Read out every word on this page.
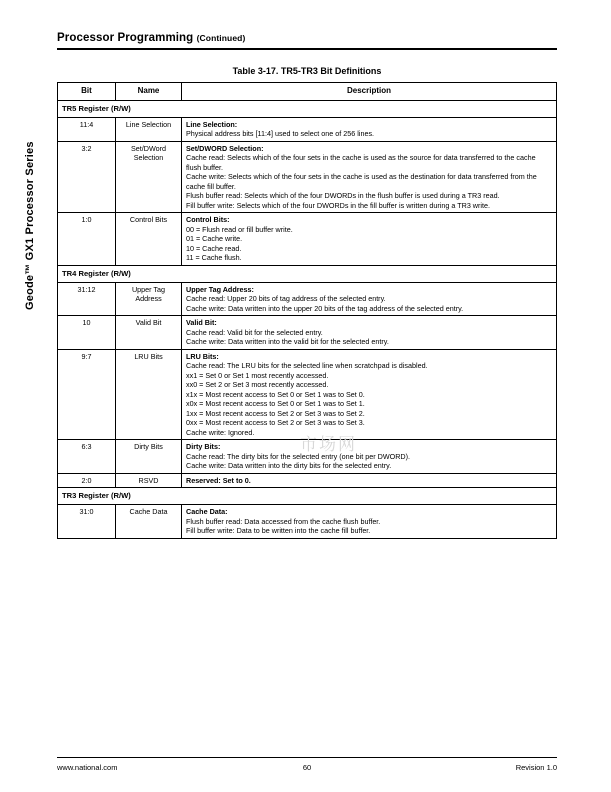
Geode™ GX1 Processor Series
Processor Programming (Continued)
Table 3-17. TR5-TR3 Bit Definitions
Bit	Name	Description
TR5 Register (R/W)		
11:4	Line Selection	Line Selection:
Physical address bits [11:4] used to select one of 256 lines.

3:2	Set/DWord Selection	Set/DWORD Selection:
Cache read: Selects which of the four sets in the cache is used as the source for data transferred to the cache flush buffer.
Cache write: Selects which of the four sets in the cache is used as the destination for data transferred from the cache fill buffer.
Flush buffer read: Selects which of the four DWORDs in the flush buffer is used during a TR3 read.
Fill buffer write: Selects which of the four DWORDs in the fill buffer is written during a TR3 write.

1:0	Control Bits	Control Bits:
00 = Flush read or fill buffer write.
01 = Cache write.
10 = Cache read.
11 = Cache flush.

TR4 Register (R/W)		
31:12	Upper Tag Address	Upper Tag Address:
Cache read: Upper 20 bits of tag address of the selected entry.
Cache write: Data written into the upper 20 bits of the tag address of the selected entry.

10	Valid Bit	Valid Bit:
Cache read: Valid bit for the selected entry.
Cache write: Data written into the valid bit for the selected entry.

9:7	LRU Bits	LRU Bits:
Cache read: The LRU bits for the selected line when scratchpad is disabled.
xx1 = Set 0 or Set 1 most recently accessed.
xx0 = Set 2 or Set 3 most recently accessed.
x1x = Most recent access to Set 0 or Set 1 was to Set 0.
x0x = Most recent access to Set 0 or Set 1 was to Set 1.
1xx = Most recent access to Set 2 or Set 3 was to Set 2.
0xx = Most recent access to Set 2 or Set 3 was to Set 3.
Cache write: Ignored.

6:3	Dirty Bits	Dirty Bits:
Cache read: The dirty bits for the selected entry (one bit per DWORD).
Cache write: Data written into the dirty bits for the selected entry.

2:0	RSVD	Reserved: Set to 0.

TR3 Register (R/W)		
31:0	Cache Data	Cache Data:
Flush buffer read: Data accessed from the cache flush buffer.
Fill buffer write: Data to be written into the cache fill buffer.
www.national.com	60	Revision 1.0
市场网
